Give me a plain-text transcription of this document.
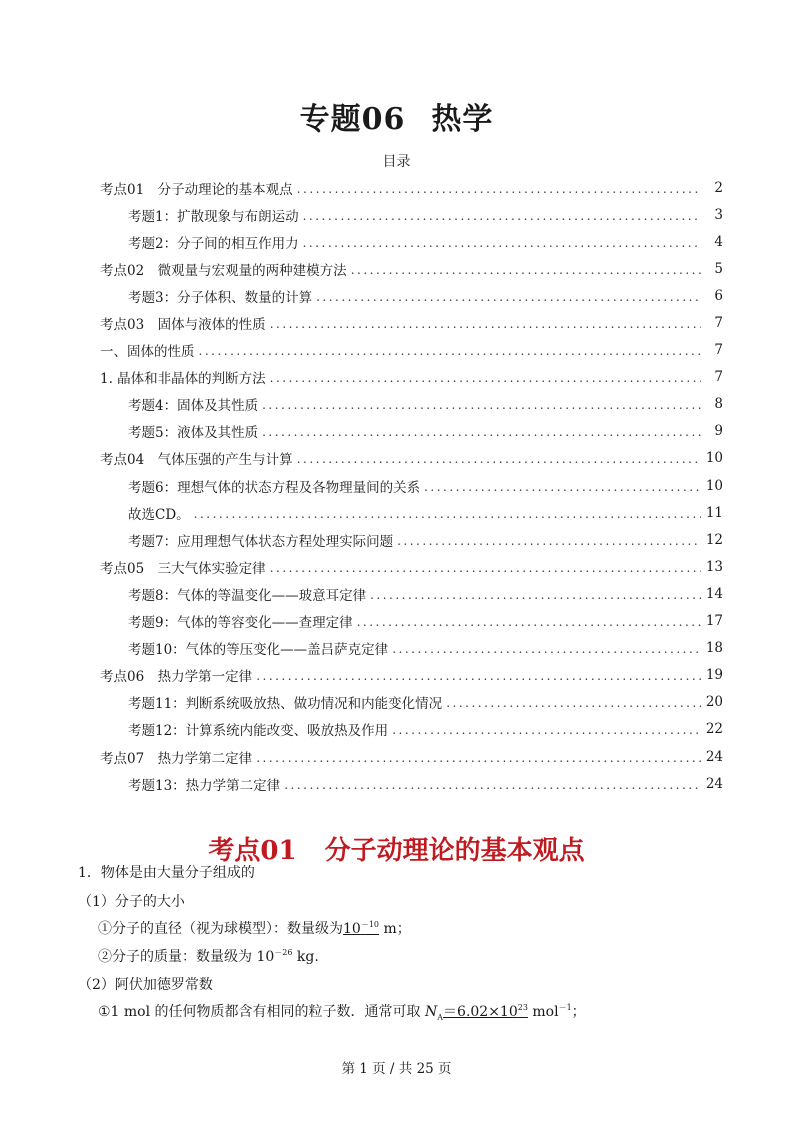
专题06 热学
目录
考点01　分子动理论的基本观点 .....	2
考题1：扩散现象与布朗运动 .....	3
考题2：分子间的相互作用力 .....	4
考点02　微观量与宏观量的两种建模方法 .....	5
考题3：分子体积、数量的计算 .....	6
考点03　固体与液体的性质 .....	7
一、固体的性质 .....	7
1. 晶体和非晶体的判断方法 .....	7
考题4：固体及其性质 .....	8
考题5：液体及其性质 .....	9
考点04　气体压强的产生与计算 .....	10
考题6：理想气体的状态方程及各物理量间的关系 .....	10
故选CD。 .....	11
考题7：应用理想气体状态方程处理实际问题 .....	12
考点05　三大气体实验定律 .....	13
考题8：气体的等温变化——玻意耳定律 .....	14
考题9：气体的等容变化——查理定律 .....	17
考题10：气体的等压变化——盖吕萨克定律 .....	18
考点06　热力学第一定律 .....	19
考题11：判断系统吸放热、做功情况和内能变化情况 .....	20
考题12：计算系统内能改变、吸放热及作用 .....	22
考点07　热力学第二定律 .....	24
考题13：热力学第二定律 .....	24
考点01 分子动理论的基本观点
1．物体是由大量分子组成的
（1）分子的大小
①分子的直径（视为球模型）：数量级为$10^{-10}$ m；
②分子的质量：数量级为 $10^{-26}$ kg.
（2）阿伏加德罗常数
①1 mol 的任何物质都含有相同的粒子数．通常可取 $N_A=6.02\times 10^{23}$ mol$^{-1}$；
第 1 页 / 共 25 页
